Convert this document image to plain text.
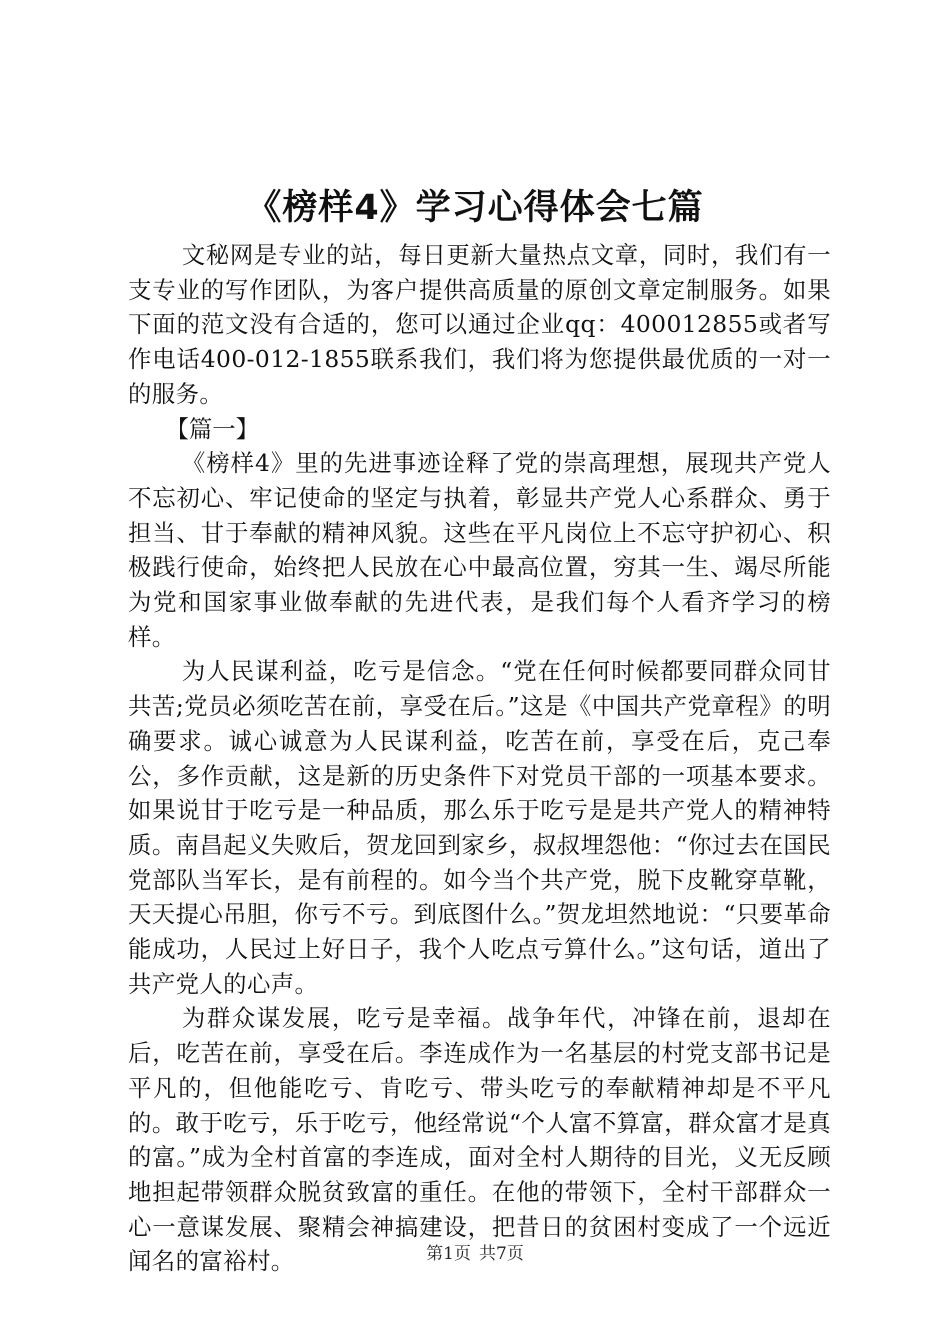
《榜样4》学习心得体会七篇

文秘网是专业的站，每日更新大量热点文章，同时，我们有一支专业的写作团队，为客户提供高质量的原创文章定制服务。如果下面的范文没有合适的，您可以通过企业qq：400012855或者写作电话400-012-1855联系我们，我们将为您提供最优质的一对一的服务。

【篇一】

《榜样4》里的先进事迹诠释了党的崇高理想，展现共产党人不忘初心、牢记使命的坚定与执着，彰显共产党人心系群众、勇于担当、甘于奉献的精神风貌。这些在平凡岗位上不忘守护初心、积极践行使命，始终把人民放在心中最高位置，穷其一生、竭尽所能为党和国家事业做奉献的先进代表，是我们每个人看齐学习的榜样。

为人民谋利益，吃亏是信念。“党在任何时候都要同群众同甘共苦;党员必须吃苦在前，享受在后。”这是《中国共产党章程》的明确要求。诚心诚意为人民谋利益，吃苦在前，享受在后，克己奉公，多作贡献，这是新的历史条件下对党员干部的一项基本要求。如果说甘于吃亏是一种品质，那么乐于吃亏是是共产党人的精神特质。南昌起义失败后，贺龙回到家乡，叔叔埋怨他：“你过去在国民党部队当军长，是有前程的。如今当个共产党，脱下皮靴穿草靴，天天提心吊胆，你亏不亏。到底图什么。”贺龙坦然地说：“只要革命能成功，人民过上好日子，我个人吃点亏算什么。”这句话，道出了共产党人的心声。

为群众谋发展，吃亏是幸福。战争年代，冲锋在前，退却在后，吃苦在前，享受在后。李连成作为一名基层的村党支部书记是平凡的，但他能吃亏、肯吃亏、带头吃亏的奉献精神却是不平凡的。敢于吃亏，乐于吃亏，他经常说“个人富不算富，群众富才是真的富。”成为全村首富的李连成，面对全村人期待的目光，义无反顾地担起带领群众脱贫致富的重任。在他的带领下，全村干部群众一心一意谋发展、聚精会神搞建设，把昔日的贫困村变成了一个远近闻名的富裕村。	第1页 共7页
